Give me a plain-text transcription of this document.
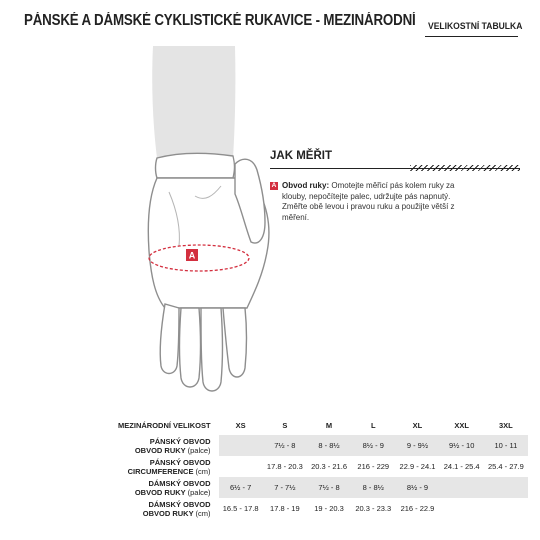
PÁNSKÉ A DÁMSKÉ CYKLISTICKÉ RUKAVICE - MEZINÁRODNÍ VELIKOSTNÍ TABULKA
A
JAK MĚŘIT
A Obvod ruky: Omotejte měřicí pás kolem ruky za klouby, nepočítejte palec, udržujte pás napnutý. Změřte obě levou i pravou ruku a použijte větší z měření.
MEZINÁRODNÍ VELIKOST	XS	S	M	L	XL	XXL	3XL
PÁNSKÝ OBVOD
OBVOD RUKY (palce)		7½ - 8	8 - 8½	8½ - 9	9 - 9½	9½ - 10	10 - 11
PÁNSKÝ OBVOD
CIRCUMFERENCE (cm)		17.8 - 20.3	20.3 - 21.6	216 - 229	22.9 - 24.1	24.1 - 25.4	25.4 - 27.9
DÁMSKÝ OBVOD
OBVOD RUKY (palce)	6½ - 7	7 - 7½	7½ - 8	8 - 8½	8½ - 9		
DÁMSKÝ OBVOD
OBVOD RUKY (cm)	16.5 - 17.8	17.8 - 19	19 - 20.3	20.3 - 23.3	216 - 22.9		
